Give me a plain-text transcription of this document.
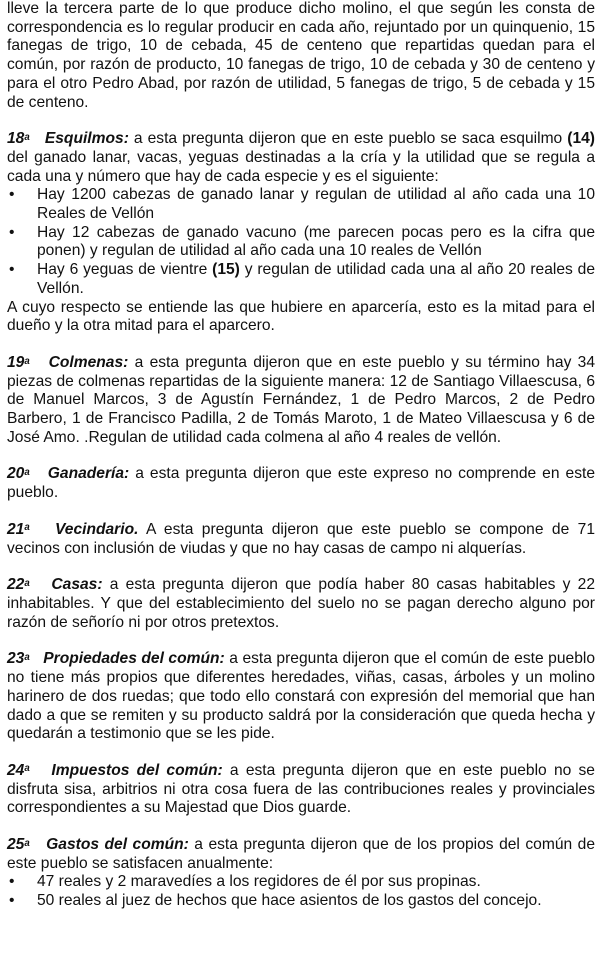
lleve la tercera parte de lo que produce dicho molino, el que según les consta de correspondencia es lo regular producir en cada año, rejuntado por un quinquenio, 15 fanegas de trigo, 10 de cebada, 45 de centeno que repartidas quedan para el común, por razón de producto, 10 fanegas de trigo, 10 de cebada y 30 de centeno y para el otro Pedro Abad, por razón de utilidad, 5 fanegas de trigo, 5 de cebada y 15 de centeno.

18$^a$ Esquilmos: a esta pregunta dijeron que en este pueblo se saca esquilmo (14) del ganado lanar, vacas, yeguas destinadas a la cría y la utilidad que se regula a cada una y número que hay de cada especie y es el siguiente:

• Hay 1200 cabezas de ganado lanar y regulan de utilidad al año cada una 10 Reales de Vellón
• Hay 12 cabezas de ganado vacuno (me parecen pocas pero es la cifra que ponen) y regulan de utilidad al año cada una 10 reales de Vellón
• Hay 6 yeguas de vientre (15) y regulan de utilidad cada una al año 20 reales de Vellón.

A cuyo respecto se entiende las que hubiere en aparcería, esto es la mitad para el dueño y la otra mitad para el aparcero.

19$^a$ Colmenas: a esta pregunta dijeron que en este pueblo y su término hay 34 piezas de colmenas repartidas de la siguiente manera: 12 de Santiago Villaescusa, 6 de Manuel Marcos, 3 de Agustín Fernández, 1 de Pedro Marcos, 2 de Pedro Barbero, 1 de Francisco Padilla, 2 de Tomás Maroto, 1 de Mateo Villaescusa y 6 de José Amo. .Regulan de utilidad cada colmena al año 4 reales de vellón.

20$^a$ Ganadería: a esta pregunta dijeron que este expreso no comprende en este pueblo.

21$^a$ Vecindario. A esta pregunta dijeron que este pueblo se compone de 71 vecinos con inclusión de viudas y que no hay casas de campo ni alquerías.

22$^a$ Casas: a esta pregunta dijeron que podía haber 80 casas habitables y 22 inhabitables. Y que del establecimiento del suelo no se pagan derecho alguno por razón de señorío ni por otros pretextos.

23$^a$ Propiedades del común: a esta pregunta dijeron que el común de este pueblo no tiene más propios que diferentes heredades, viñas, casas, árboles y un molino harinero de dos ruedas; que todo ello constará con expresión del memorial que han dado a que se remiten y su producto saldrá por la consideración que queda hecha y quedarán a testimonio que se les pide.

24$^a$ Impuestos del común: a esta pregunta dijeron que en este pueblo no se disfruta sisa, arbitrios ni otra cosa fuera de las contribuciones reales y provinciales correspondientes a su Majestad que Dios guarde.

25$^a$ Gastos del común: a esta pregunta dijeron que de los propios del común de este pueblo se satisfacen anualmente:

• 47 reales y 2 maravedíes a los regidores de él por sus propinas.
• 50 reales al juez de hechos que hace asientos de los gastos del concejo.
